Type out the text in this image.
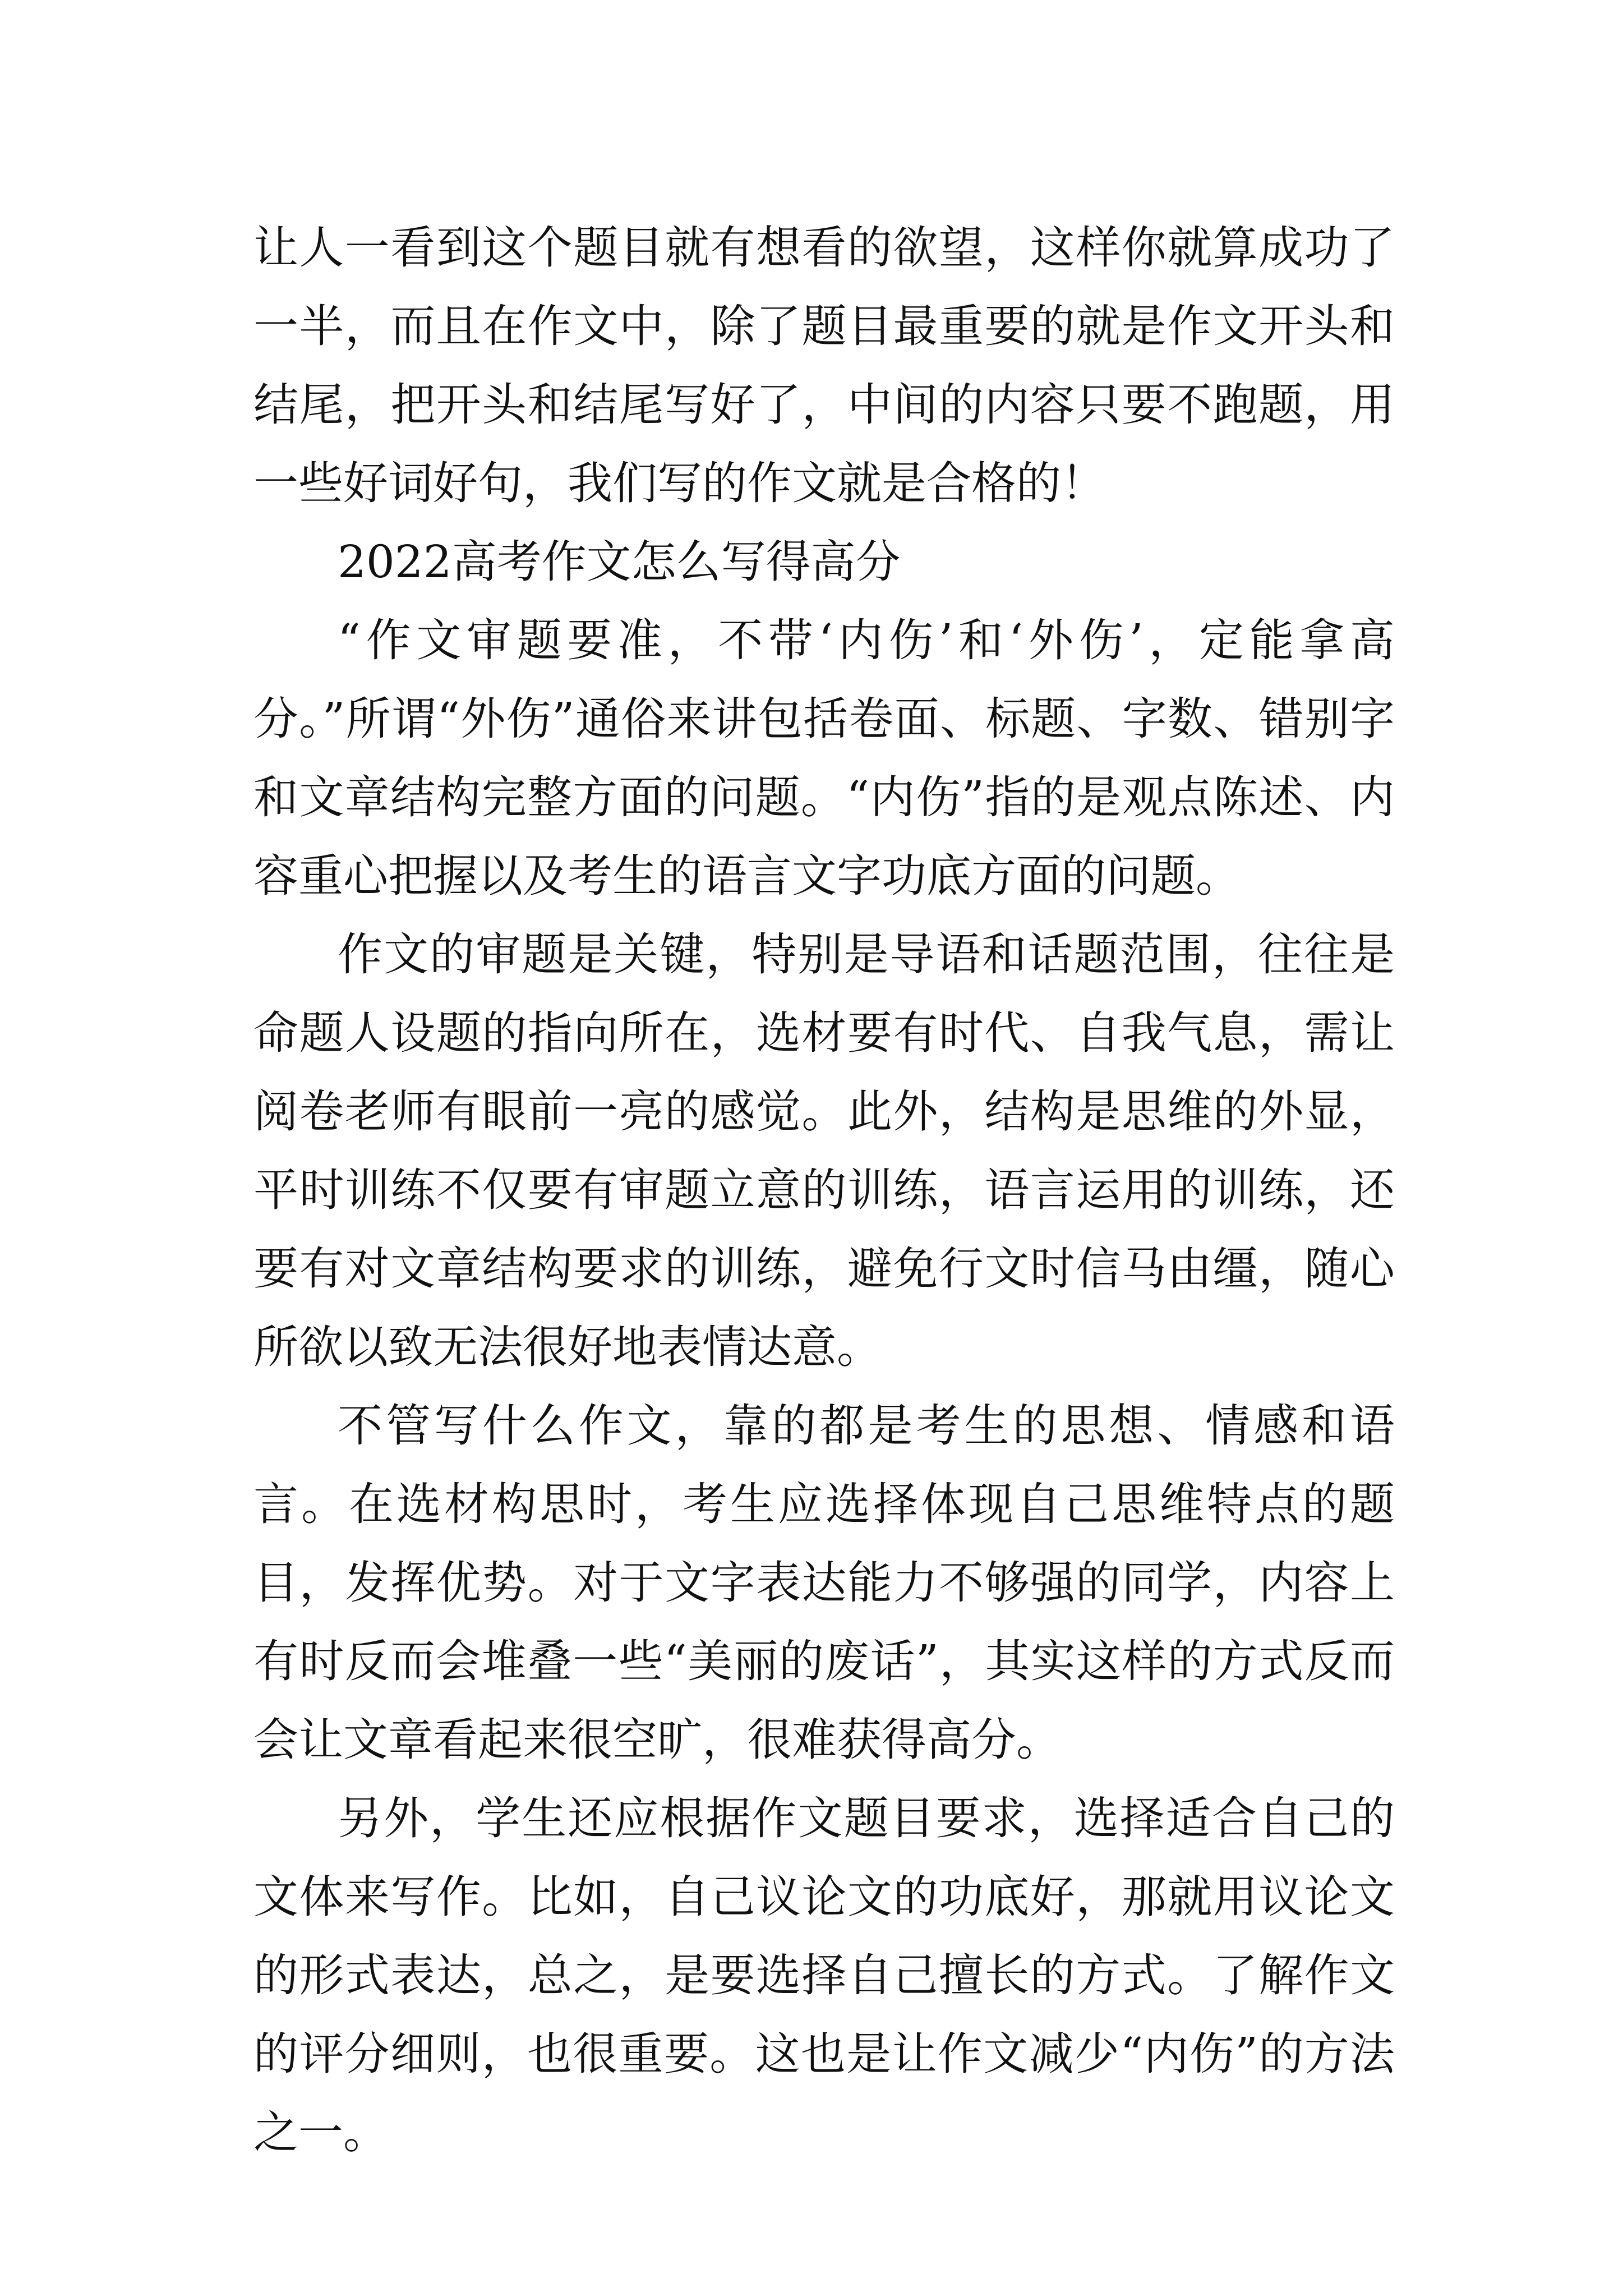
让人一看到这个题目就有想看的欲望，这样你就算成功了一半，而且在作文中，除了题目最重要的就是作文开头和结尾，把开头和结尾写好了，中间的内容只要不跑题，用一些好词好句，我们写的作文就是合格的！

2022高考作文怎么写得高分

“作文审题要准，不带‘内伤’和‘外伤’，定能拿高分。”所谓“外伤”通俗来讲包括卷面、标题、字数、错别字和文章结构完整方面的问题。“内伤”指的是观点陈述、内容重心把握以及考生的语言文字功底方面的问题。

作文的审题是关键，特别是导语和话题范围，往往是命题人设题的指向所在，选材要有时代、自我气息，需让阅卷老师有眼前一亮的感觉。此外，结构是思维的外显，平时训练不仅要有审题立意的训练，语言运用的训练，还要有对文章结构要求的训练，避免行文时信马由缰，随心所欲以致无法很好地表情达意。

不管写什么作文，靠的都是考生的思想、情感和语言。在选材构思时，考生应选择体现自己思维特点的题目，发挥优势。对于文字表达能力不够强的同学，内容上有时反而会堆叠一些“美丽的废话”，其实这样的方式反而会让文章看起来很空旷，很难获得高分。

另外，学生还应根据作文题目要求，选择适合自己的文体来写作。比如，自己议论文的功底好，那就用议论文的形式表达，总之，是要选择自己擅长的方式。了解作文的评分细则，也很重要。这也是让作文减少“内伤”的方法之一。
